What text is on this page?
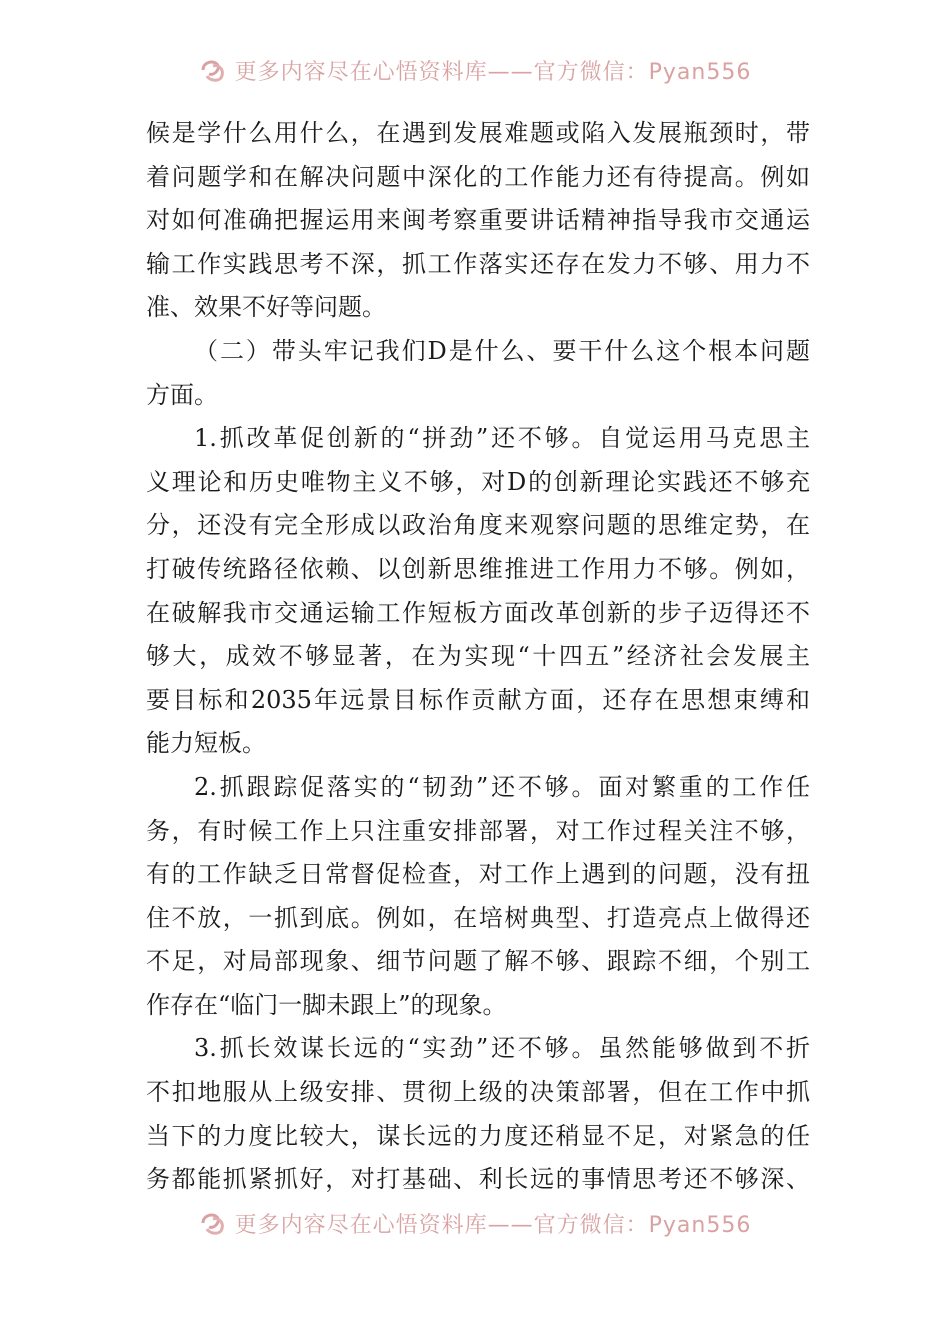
更多内容尽在心悟资料库——官方微信：Pyan556
候是学什么用什么，在遇到发展难题或陷入发展瓶颈时，带
着问题学和在解决问题中深化的工作能力还有待提高。例如
对如何准确把握运用来闽考察重要讲话精神指导我市交通运
输工作实践思考不深，抓工作落实还存在发力不够、用力不
准、效果不好等问题。
（二）带头牢记我们D是什么、要干什么这个根本问题
方面。
1.抓改革促创新的“拼劲”还不够。自觉运用马克思主
义理论和历史唯物主义不够，对D的创新理论实践还不够充
分，还没有完全形成以政治角度来观察问题的思维定势，在
打破传统路径依赖、以创新思维推进工作用力不够。例如，
在破解我市交通运输工作短板方面改革创新的步子迈得还不
够大，成效不够显著，在为实现“十四五”经济社会发展主
要目标和2035年远景目标作贡献方面，还存在思想束缚和
能力短板。
2.抓跟踪促落实的“韧劲”还不够。面对繁重的工作任
务，有时候工作上只注重安排部署，对工作过程关注不够，
有的工作缺乏日常督促检查，对工作上遇到的问题，没有扭
住不放，一抓到底。例如，在培树典型、打造亮点上做得还
不足，对局部现象、细节问题了解不够、跟踪不细，个别工
作存在“临门一脚未跟上”的现象。
3.抓长效谋长远的“实劲”还不够。虽然能够做到不折
不扣地服从上级安排、贯彻上级的决策部署，但在工作中抓
当下的力度比较大，谋长远的力度还稍显不足，对紧急的任
务都能抓紧抓好，对打基础、利长远的事情思考还不够深、
更多内容尽在心悟资料库——官方微信：Pyan556
